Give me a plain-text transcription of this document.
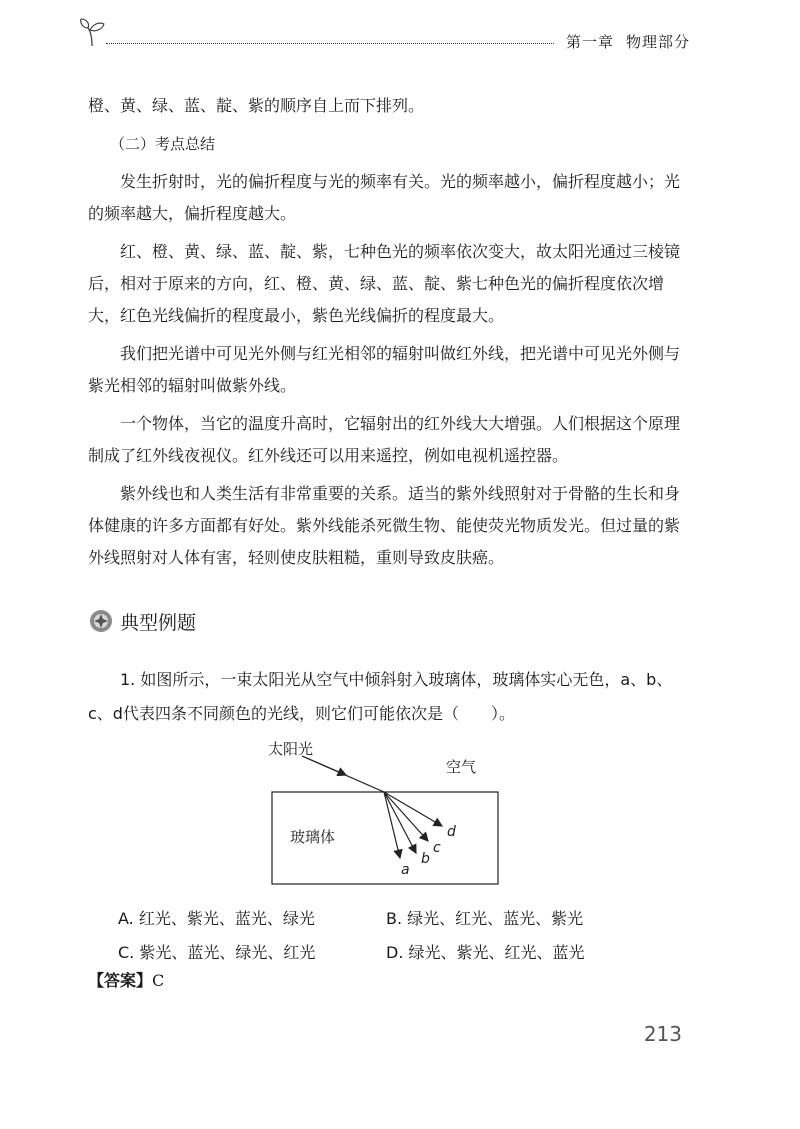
第一章 物理部分

橙、黄、绿、蓝、靛、紫的顺序自上而下排列。

（二）考点总结

发生折射时，光的偏折程度与光的频率有关。光的频率越小，偏折程度越小；光的频率越大，偏折程度越大。

红、橙、黄、绿、蓝、靛、紫，七种色光的频率依次变大，故太阳光通过三棱镜后，相对于原来的方向，红、橙、黄、绿、蓝、靛、紫七种色光的偏折程度依次增大，红色光线偏折的程度最小，紫色光线偏折的程度最大。

我们把光谱中可见光外侧与红光相邻的辐射叫做红外线，把光谱中可见光外侧与紫光相邻的辐射叫做紫外线。

一个物体，当它的温度升高时，它辐射出的红外线大大增强。人们根据这个原理制成了红外线夜视仪。红外线还可以用来遥控，例如电视机遥控器。

紫外线也和人类生活有非常重要的关系。适当的紫外线照射对于骨骼的生长和身体健康的许多方面都有好处。紫外线能杀死微生物、能使荧光物质发光。但过量的紫外线照射对人体有害，轻则使皮肤粗糙，重则导致皮肤癌。

典型例题

1. 如图所示，一束太阳光从空气中倾斜射入玻璃体，玻璃体实心无色，a、b、c、d代表四条不同颜色的光线，则它们可能依次是（　　）。

太阳光
空气
玻璃体
a
b
c
d
A. 红光、紫光、蓝光、绿光	B. 绿光、红光、蓝光、紫光
C. 紫光、蓝光、绿光、红光	D. 绿光、紫光、红光、蓝光
【答案】C
213
